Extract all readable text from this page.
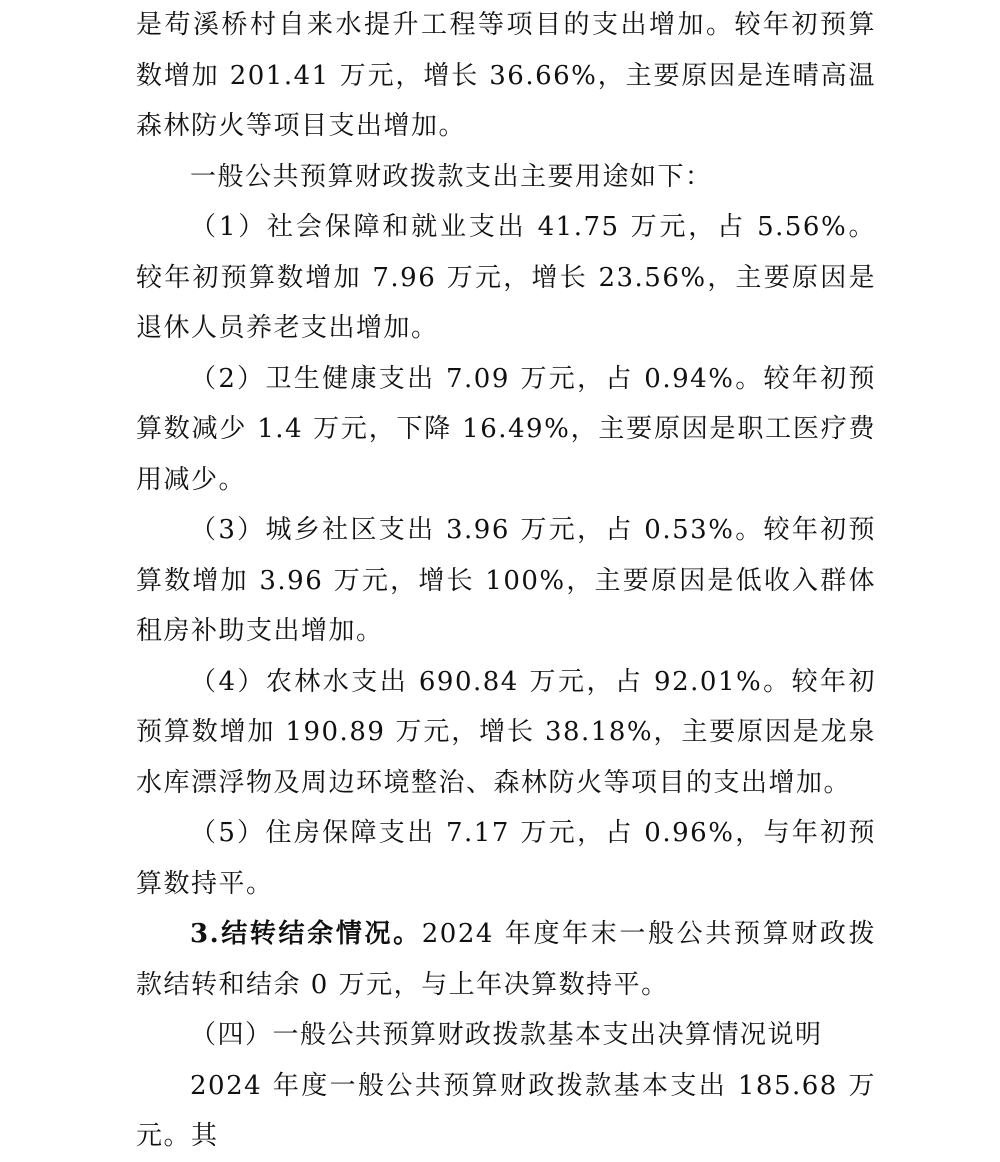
是苟溪桥村自来水提升工程等项目的支出增加。较年初预算数增加 201.41 万元，增长 36.66%，主要原因是连晴高温森林防火等项目支出增加。

一般公共预算财政拨款支出主要用途如下：

（1）社会保障和就业支出 41.75 万元，占 5.56%。较年初预算数增加 7.96 万元，增长 23.56%，主要原因是退休人员养老支出增加。

（2）卫生健康支出 7.09 万元，占 0.94%。较年初预算数减少 1.4 万元，下降 16.49%，主要原因是职工医疗费用减少。

（3）城乡社区支出 3.96 万元，占 0.53%。较年初预算数增加 3.96 万元，增长 100%，主要原因是低收入群体租房补助支出增加。

（4）农林水支出 690.84 万元，占 92.01%。较年初预算数增加 190.89 万元，增长 38.18%，主要原因是龙泉水库漂浮物及周边环境整治、森林防火等项目的支出增加。

（5）住房保障支出 7.17 万元，占 0.96%，与年初预算数持平。

3.结转结余情况。2024 年度年末一般公共预算财政拨款结转和结余 0 万元，与上年决算数持平。

（四）一般公共预算财政拨款基本支出决算情况说明

2024 年度一般公共预算财政拨款基本支出 185.68 万元。其
